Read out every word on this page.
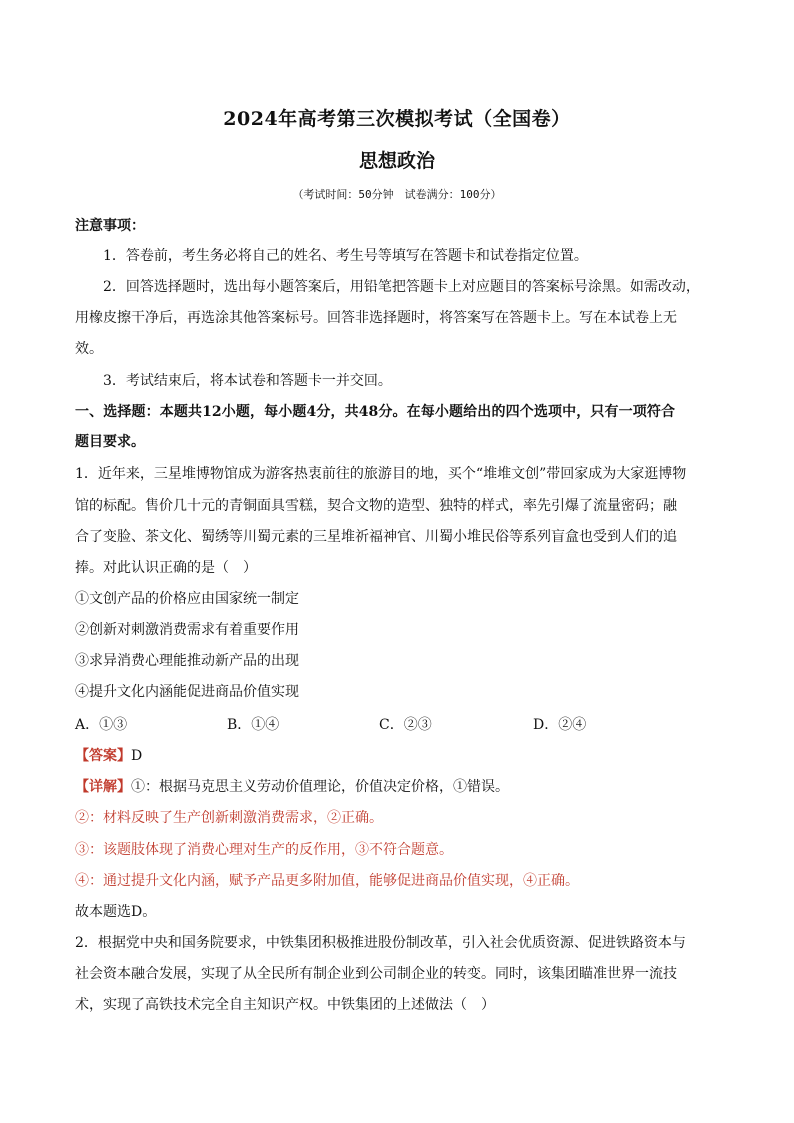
2024年高考第三次模拟考试（全国卷）
思想政治
（考试时间：50分钟　试卷满分：100分）
注意事项：
1．答卷前，考生务必将自己的姓名、考生号等填写在答题卡和试卷指定位置。
2．回答选择题时，选出每小题答案后，用铅笔把答题卡上对应题目的答案标号涂黑。如需改动，
用橡皮擦干净后，再选涂其他答案标号。回答非选择题时，将答案写在答题卡上。写在本试卷上无
效。
3．考试结束后，将本试卷和答题卡一并交回。
一、选择题：本题共12小题，每小题4分，共48分。在每小题给出的四个选项中，只有一项符合
题目要求。
1．近年来，三星堆博物馆成为游客热衷前往的旅游目的地，买个“堆堆文创”带回家成为大家逛博物
馆的标配。售价几十元的青铜面具雪糕，契合文物的造型、独特的样式，率先引爆了流量密码；融
合了变脸、茶文化、蜀绣等川蜀元素的三星堆祈福神官、川蜀小堆民俗等系列盲盒也受到人们的追
捧。对此认识正确的是（　）
①文创产品的价格应由国家统一制定
②创新对刺激消费需求有着重要作用
③求异消费心理能推动新产品的出现
④提升文化内涵能促进商品价值实现
A．①③	B．①④	C．②③	D．②④
【答案】D
【详解】①：根据马克思主义劳动价值理论，价值决定价格，①错误。
②：材料反映了生产创新刺激消费需求，②正确。
③：该题肢体现了消费心理对生产的反作用，③不符合题意。
④：通过提升文化内涵，赋予产品更多附加值，能够促进商品价值实现，④正确。
故本题选D。
2．根据党中央和国务院要求，中铁集团积极推进股份制改革，引入社会优质资源、促进铁路资本与
社会资本融合发展，实现了从全民所有制企业到公司制企业的转变。同时，该集团瞄准世界一流技
术，实现了高铁技术完全自主知识产权。中铁集团的上述做法（　）
